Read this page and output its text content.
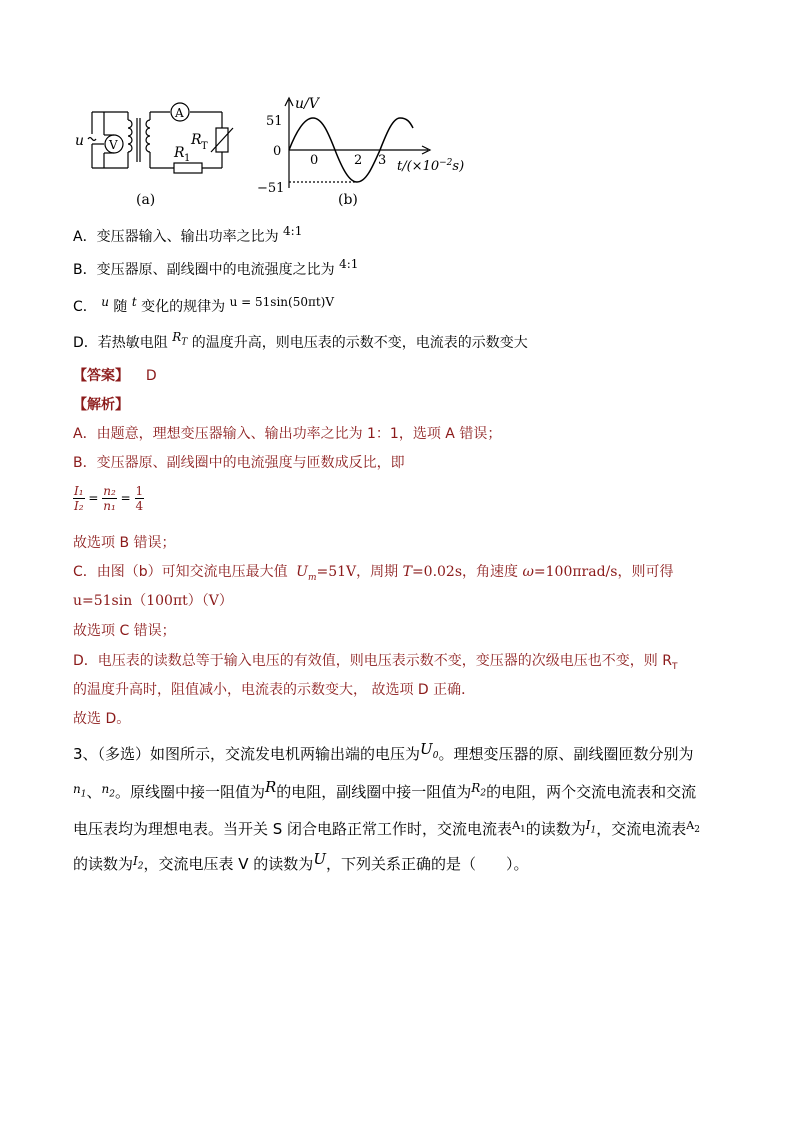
u V
A
R T
R 1
(a)
u/V
51
0
−51
0	2 3 $t/(\times 10^{-2}s)$
(b)
A．变压器输入、输出功率之比为 4:1
B．变压器原、副线圈中的电流强度之比为 4:1
C． u 随 t 变化的规律为 u = 51sin(50πt)V
D．若热敏电阻 $R_T$ 的温度升高，则电压表的示数不变，电流表的示数变大
【答案】 D
【解析】
A．由题意，理想变压器输入、输出功率之比为 1：1，选项 A 错误；
B．变压器原、副线圈中的电流强度与匝数成反比，即
$\frac{\text{I₁}}{\text{I₂}} = \frac{\text{n₂}}{\text{n₁}} = \frac{1}{4}$
故选项 B 错误；
C．由图（b）可知交流电压最大值 $U_m=51V$，周期 T=0.02s，角速度 ω=100πrad/s，则可得
u=51sin（100πt）（V）
故选项 C 错误；
D．电压表的读数总等于输入电压的有效值，则电压表示数不变，变压器的次级电压也不变，则 $R_T$
的温度升高时，阻值减小，电流表的示数变大， 故选项 D 正确．
故选 D。
3、（多选）如图所示，交流发电机两输出端的电压为$U_0$。理想变压器的原、副线圈匝数分别为
$^{n_1}$、$^{n_2}$。原线圈中接一阻值为R的电阻，副线圈中接一阻值为$^{R_2}$的电阻，两个交流电流表和交流
电压表均为理想电表。当开关 S 闭合电路正常工作时，交流电流表$^{A_1}$的读数为$^{I_1}$，交流电流表$^{A_2}$
的读数为$^{I_2}$，交流电压表 V 的读数为U，下列关系正确的是（　　）。
